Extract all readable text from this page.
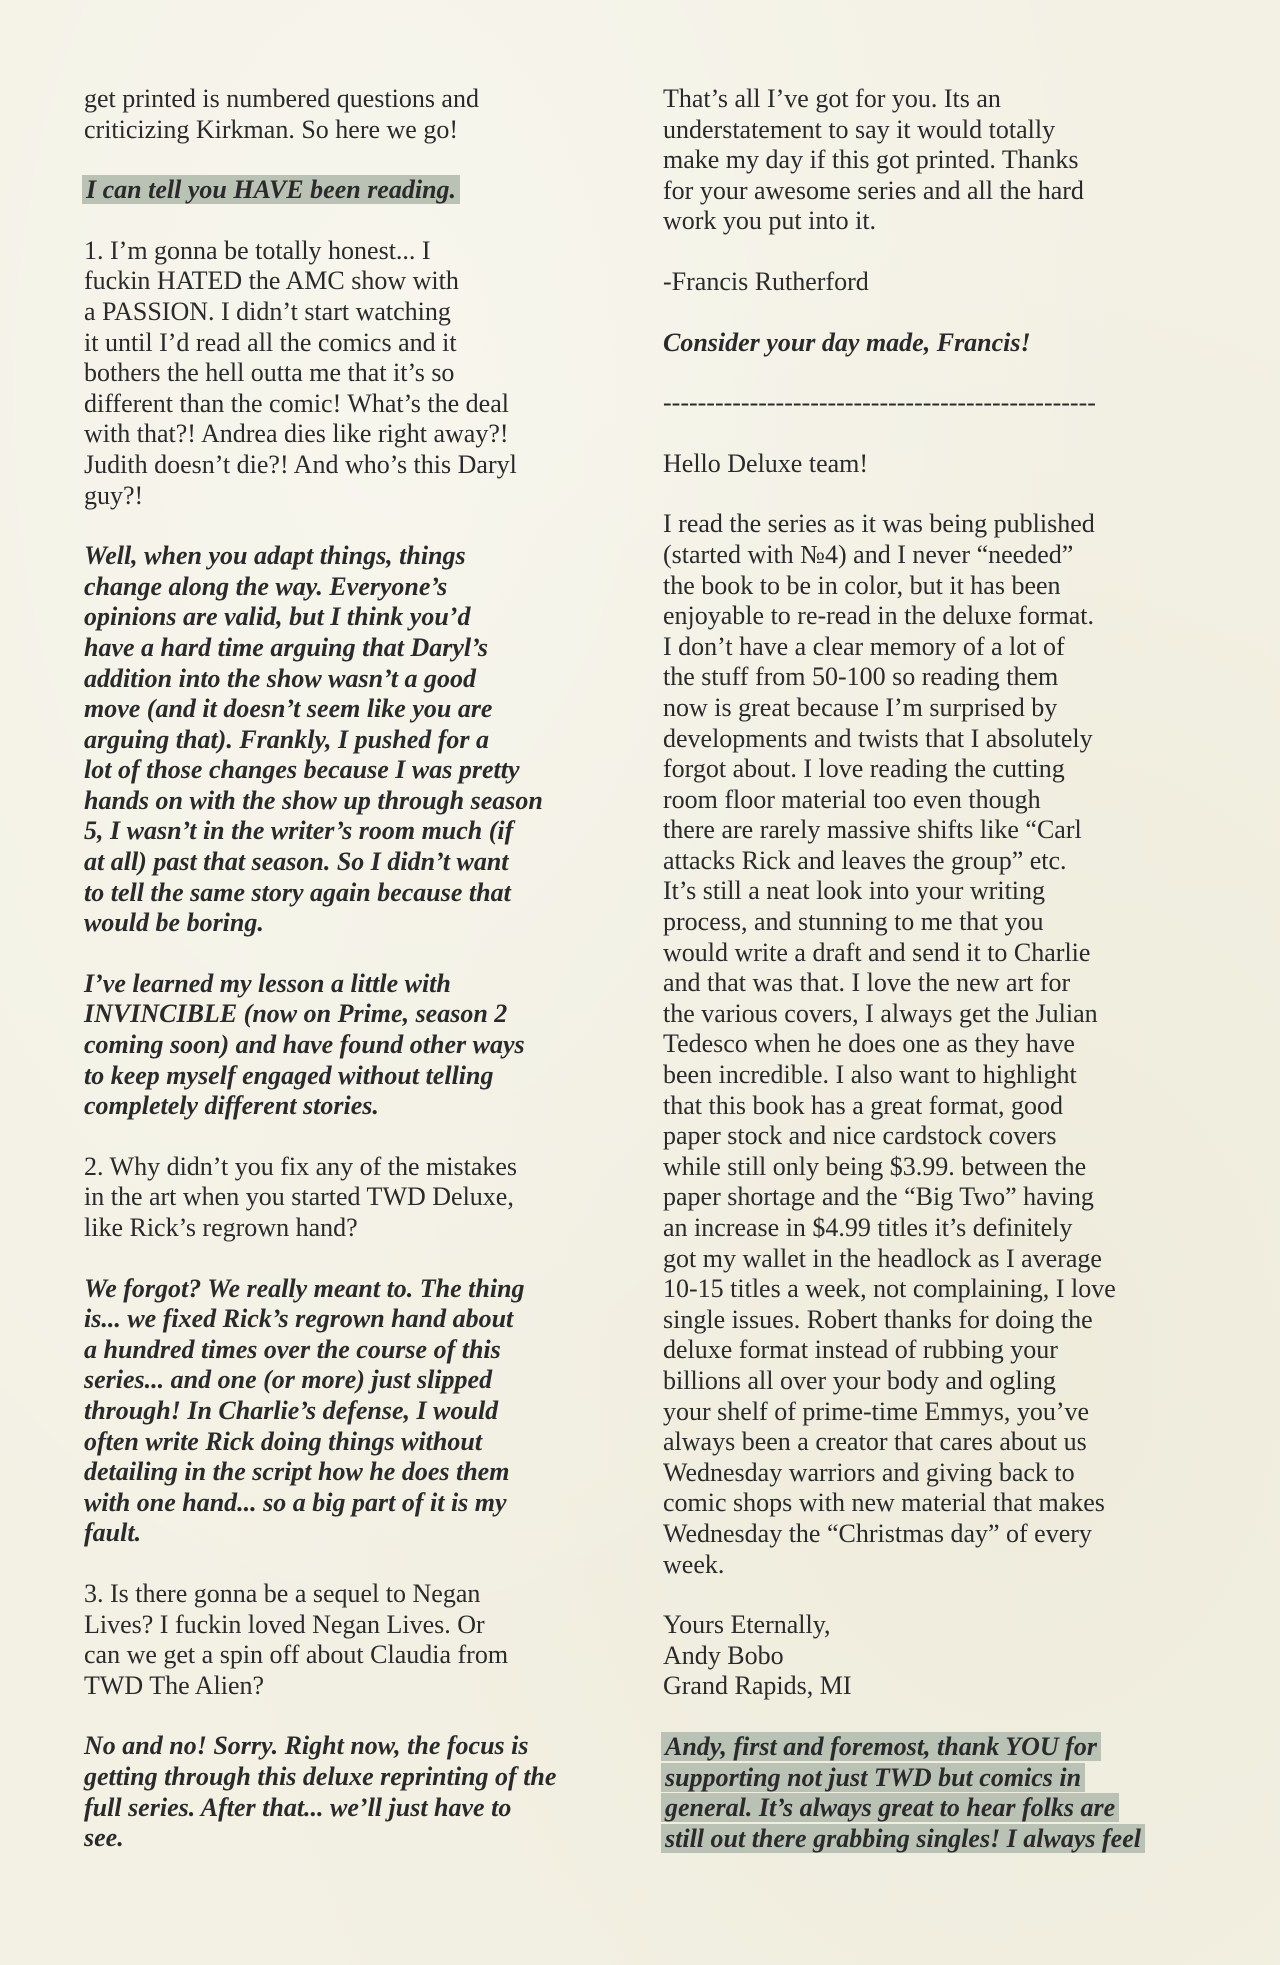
get printed is numbered questions and
criticizing Kirkman. So here we go!

I can tell you HAVE been reading.

1. I’m gonna be totally honest... I
fuckin HATED the AMC show with
a PASSION. I didn’t start watching
it until I’d read all the comics and it
bothers the hell outta me that it’s so
different than the comic! What’s the deal
with that?! Andrea dies like right away?!
Judith doesn’t die?! And who’s this Daryl
guy?!

Well, when you adapt things, things
change along the way. Everyone’s
opinions are valid, but I think you’d
have a hard time arguing that Daryl’s
addition into the show wasn’t a good
move (and it doesn’t seem like you are
arguing that). Frankly, I pushed for a
lot of those changes because I was pretty
hands on with the show up through season
5, I wasn’t in the writer’s room much (if
at all) past that season. So I didn’t want
to tell the same story again because that
would be boring.

I’ve learned my lesson a little with
INVINCIBLE (now on Prime, season 2
coming soon) and have found other ways
to keep myself engaged without telling
completely different stories.

2. Why didn’t you fix any of the mistakes
in the art when you started TWD Deluxe,
like Rick’s regrown hand?

We forgot? We really meant to. The thing
is... we fixed Rick’s regrown hand about
a hundred times over the course of this
series... and one (or more) just slipped
through! In Charlie’s defense, I would
often write Rick doing things without
detailing in the script how he does them
with one hand... so a big part of it is my
fault.

3. Is there gonna be a sequel to Negan
Lives? I fuckin loved Negan Lives. Or
can we get a spin off about Claudia from
TWD The Alien?

No and no! Sorry. Right now, the focus is
getting through this deluxe reprinting of the
full series. After that... we’ll just have to
see.

That’s all I’ve got for you. Its an
understatement to say it would totally
make my day if this got printed. Thanks
for your awesome series and all the hard
work you put into it.

-Francis Rutherford

Consider your day made, Francis!

--------------------------------------------------

Hello Deluxe team!

I read the series as it was being published
(started with №4) and I never “needed”
the book to be in color, but it has been
enjoyable to re-read in the deluxe format.
I don’t have a clear memory of a lot of
the stuff from 50-100 so reading them
now is great because I’m surprised by
developments and twists that I absolutely
forgot about. I love reading the cutting
room floor material too even though
there are rarely massive shifts like “Carl
attacks Rick and leaves the group” etc.
It’s still a neat look into your writing
process, and stunning to me that you
would write a draft and send it to Charlie
and that was that. I love the new art for
the various covers, I always get the Julian
Tedesco when he does one as they have
been incredible. I also want to highlight
that this book has a great format, good
paper stock and nice cardstock covers
while still only being $3.99. between the
paper shortage and the “Big Two” having
an increase in $4.99 titles it’s definitely
got my wallet in the headlock as I average
10-15 titles a week, not complaining, I love
single issues. Robert thanks for doing the
deluxe format instead of rubbing your
billions all over your body and ogling
your shelf of prime-time Emmys, you’ve
always been a creator that cares about us
Wednesday warriors and giving back to
comic shops with new material that makes
Wednesday the “Christmas day” of every
week.

Yours Eternally,
Andy Bobo
Grand Rapids, MI

Andy, first and foremost, thank YOU for
supporting not just TWD but comics in
general. It’s always great to hear folks are
still out there grabbing singles! I always feel
